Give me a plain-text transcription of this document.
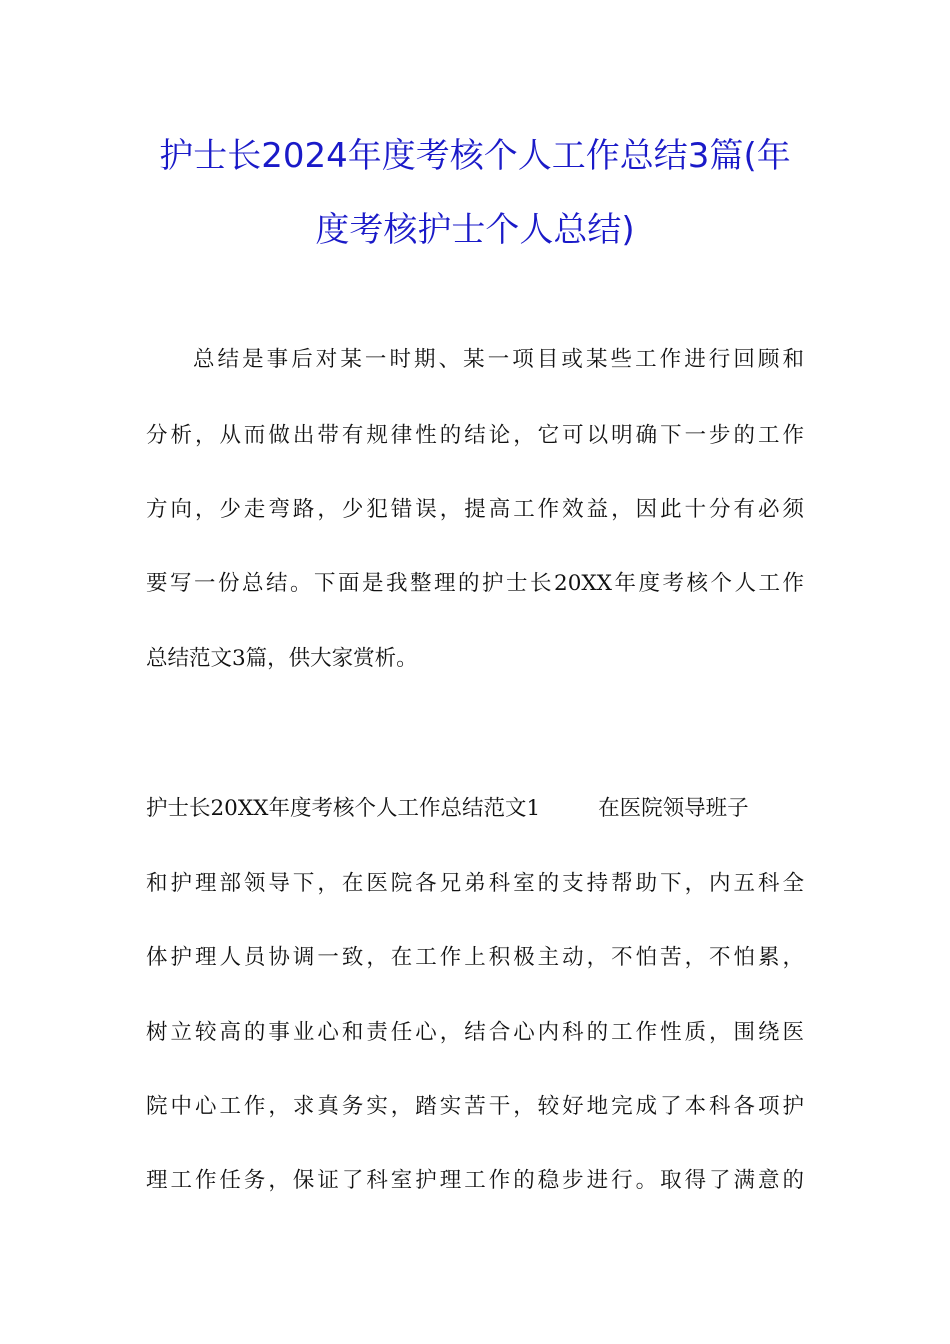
护士长2024年度考核个人工作总结3篇(年
度考核护士个人总结)
总结是事后对某一时期、某一项目或某些工作进行回顾和
分析，从而做出带有规律性的结论，它可以明确下一步的工作
方向，少走弯路，少犯错误，提高工作效益，因此十分有必须
要写一份总结。下面是我整理的护士长20XX年度考核个人工作
总结范文3篇，供大家赏析。
护士长20XX年度考核个人工作总结范文1	在医院领导班子
和护理部领导下，在医院各兄弟科室的支持帮助下，内五科全
体护理人员协调一致，在工作上积极主动，不怕苦，不怕累，
树立较高的事业心和责任心，结合心内科的工作性质，围绕医
院中心工作，求真务实，踏实苦干，较好地完成了本科各项护
理工作任务，保证了科室护理工作的稳步进行。取得了满意的
